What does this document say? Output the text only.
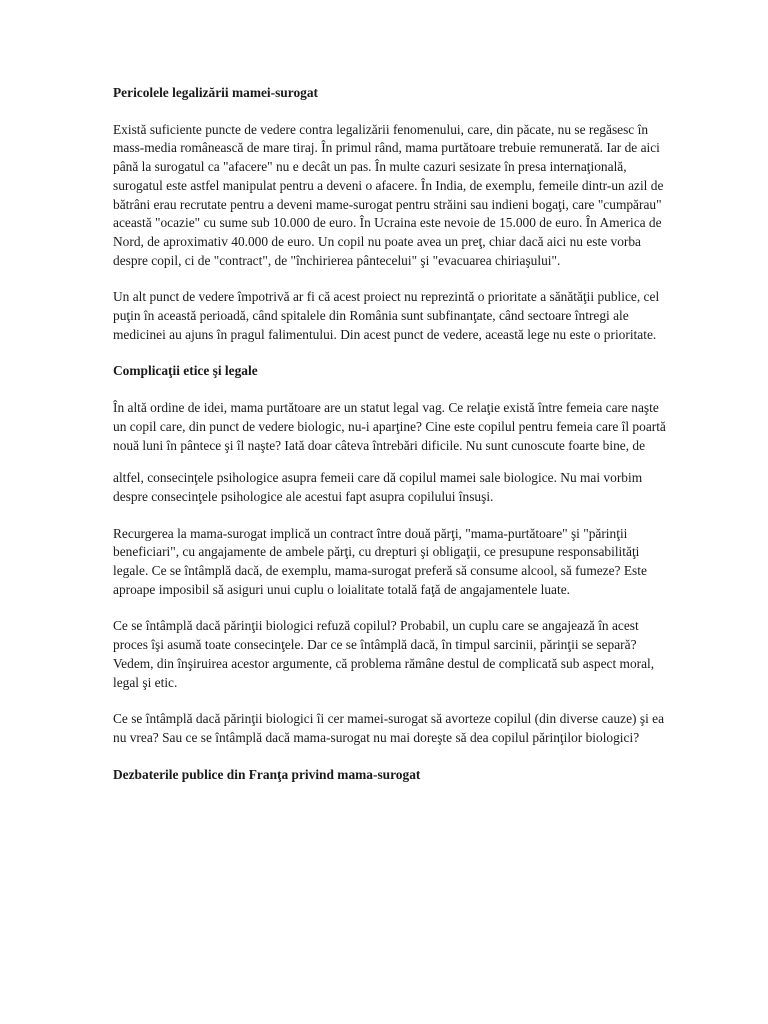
Pericolele legalizării mamei-surogat

Există suficiente puncte de vedere contra legalizării fenomenului, care, din păcate, nu se regăsesc în mass-media românească de mare tiraj. În primul rând, mama purtătoare trebuie remunerată. Iar de aici până la surogatul ca "afacere" nu e decât un pas. În multe cazuri sesizate în presa internaţională, surogatul este astfel manipulat pentru a deveni o afacere. În India, de exemplu, femeile dintr-un azil de bătrâni erau recrutate pentru a deveni mame-surogat pentru străini sau indieni bogaţi, care "cumpărau" această "ocazie" cu sume sub 10.000 de euro. În Ucraina este nevoie de 15.000 de euro. În America de Nord, de aproximativ 40.000 de euro. Un copil nu poate avea un preţ, chiar dacă aici nu este vorba despre copil, ci de "contract", de "închirierea pântecelui" şi "evacuarea chiriaşului".

Un alt punct de vedere împotrivă ar fi că acest proiect nu reprezintă o prioritate a sănătăţii publice, cel puţin în această perioadă, când spitalele din România sunt subfinanţate, când sectoare întregi ale medicinei au ajuns în pragul falimentului. Din acest punct de vedere, această lege nu este o prioritate.

Complicaţii etice şi legale

În altă ordine de idei, mama purtătoare are un statut legal vag. Ce relaţie există între femeia care naşte un copil care, din punct de vedere biologic, nu-i aparţine? Cine este copilul pentru femeia care îl poartă nouă luni în pântece şi îl naşte? Iată doar câteva întrebări dificile. Nu sunt cunoscute foarte bine, de

altfel, consecinţele psihologice asupra femeii care dă copilul mamei sale biologice. Nu mai vorbim despre consecinţele psihologice ale acestui fapt asupra copilului însuşi.

Recurgerea la mama-surogat implică un contract între două părţi, "mama-purtătoare" şi "părinţii beneficiari", cu angajamente de ambele părţi, cu drepturi şi obligaţii, ce presupune responsabilităţi legale. Ce se întâmplă dacă, de exemplu, mama-surogat preferă să consume alcool, să fumeze? Este aproape imposibil să asiguri unui cuplu o loialitate totală faţă de angajamentele luate.

Ce se întâmplă dacă părinţii biologici refuză copilul? Probabil, un cuplu care se angajează în acest proces îşi asumă toate consecinţele. Dar ce se întâmplă dacă, în timpul sarcinii, părinţii se separă? Vedem, din înşiruirea acestor argumente, că problema rămâne destul de complicată sub aspect moral, legal şi etic.

Ce se întâmplă dacă părinţii biologici îi cer mamei-surogat să avorteze copilul (din diverse cauze) şi ea nu vrea? Sau ce se întâmplă dacă mama-surogat nu mai doreşte să dea copilul părinţilor biologici?

Dezbaterile publice din Franţa privind mama-surogat
